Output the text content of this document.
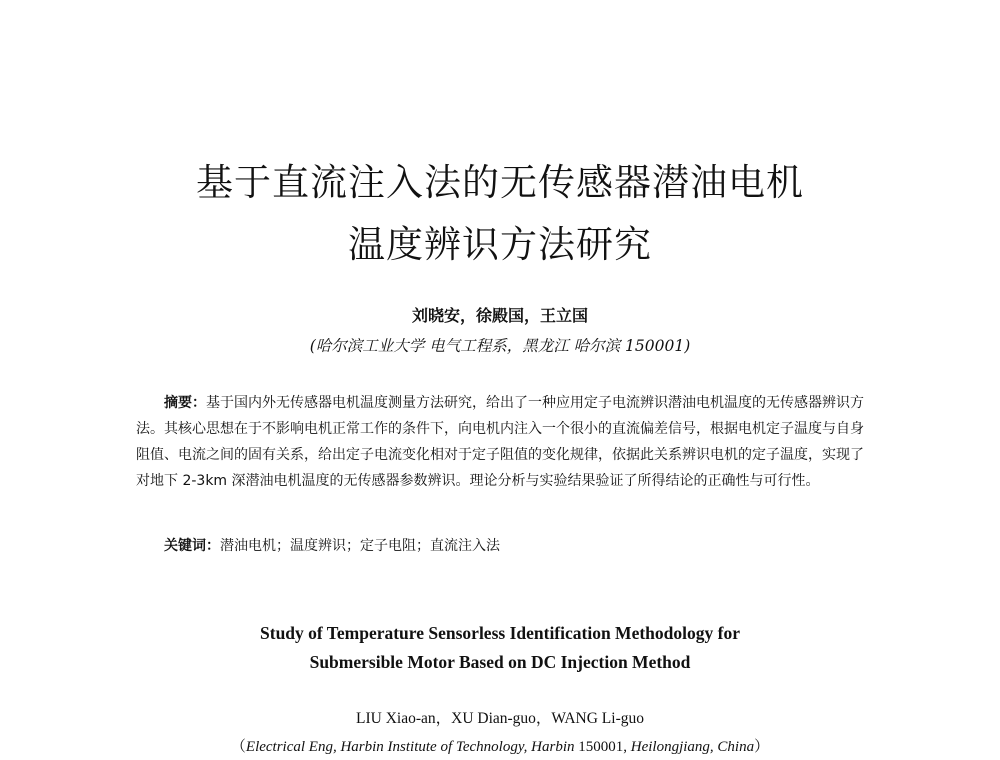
基于直流注入法的无传感器潜油电机
温度辨识方法研究
刘晓安，徐殿国，王立国
(哈尔滨工业大学 电气工程系，黑龙江 哈尔滨 150001)

摘要：基于国内外无传感器电机温度测量方法研究，给出了一种应用定子电流辨识潜油电机温度的无传感器辨识方法。其核心思想在于不影响电机正常工作的条件下，向电机内注入一个很小的直流偏差信号，根据电机定子温度与自身阻值、电流之间的固有关系，给出定子电流变化相对于定子阻值的变化规律，依据此关系辨识电机的定子温度，实现了对地下 2-3km 深潜油电机温度的无传感器参数辨识。理论分析与实验结果验证了所得结论的正确性与可行性。

关键词：潜油电机；温度辨识；定子电阻；直流注入法
Study of Temperature Sensorless Identification Methodology for
Submersible Motor Based on DC Injection Method
LIU Xiao-an，XU Dian-guo，WANG Li-guo
（Electrical Eng, Harbin Institute of Technology, Harbin 150001, Heilongjiang, China）
